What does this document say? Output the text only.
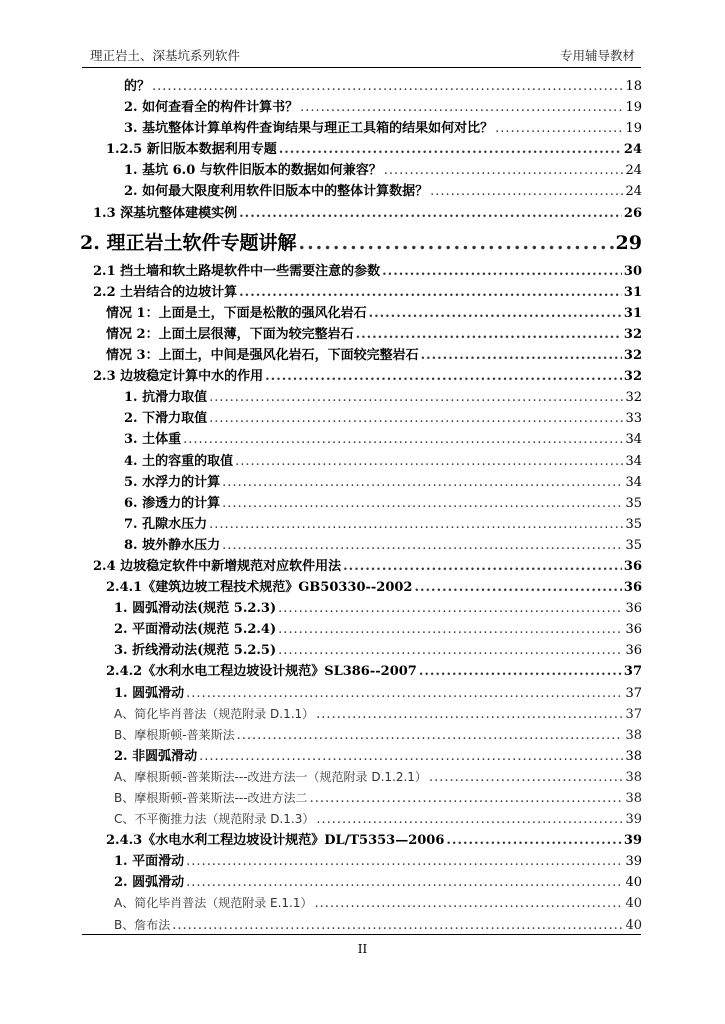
理正岩土、深基坑系列软件	专用辅导教材
的？ .....	18
2. 如何查看全的构件计算书？ .....	19
3. 基坑整体计算单构件查询结果与理正工具箱的结果如何对比？ .....	19
1.2.5 新旧版本数据利用专题 .....	24
1. 基坑 6.0 与软件旧版本的数据如何兼容？ .....	24
2. 如何最大限度利用软件旧版本中的整体计算数据？ .....	24
1.3 深基坑整体建模实例 .....	26
2. 理正岩土软件专题讲解 .....	29
2.1 挡土墙和软土路堤软件中一些需要注意的参数 .....	30
2.2 土岩结合的边坡计算 .....	31
情况 1：上面是土，下面是松散的强风化岩石 .....	31
情况 2：上面土层很薄，下面为较完整岩石 .....	32
情况 3：上面土，中间是强风化岩石，下面较完整岩石 .....	32
2.3 边坡稳定计算中水的作用 .....	32
1. 抗滑力取值 .....	32
2. 下滑力取值 .....	33
3. 土体重 .....	34
4. 土的容重的取值 .....	34
5. 水浮力的计算 .....	34
6. 渗透力的计算 .....	35
7. 孔隙水压力 .....	35
8. 坡外静水压力 .....	35
2.4 边坡稳定软件中新增规范对应软件用法 .....	36
2.4.1《建筑边坡工程技术规范》GB50330--2002 .....	36
1. 圆弧滑动法(规范 5.2.3) .....	36
2. 平面滑动法(规范 5.2.4) .....	36
3. 折线滑动法(规范 5.2.5) .....	36
2.4.2《水利水电工程边坡设计规范》SL386--2007 .....	37
1. 圆弧滑动 .....	37
A、简化毕肖普法（规范附录 D.1.1） .....	37
B、摩根斯顿-普莱斯法 .....	38
2. 非圆弧滑动 .....	38
A、摩根斯顿-普莱斯法---改进方法一（规范附录 D.1.2.1） .....	38
B、摩根斯顿-普莱斯法---改进方法二 .....	38
C、不平衡推力法（规范附录 D.1.3） .....	39
2.4.3《水电水利工程边坡设计规范》DL/T5353—2006 .....	39
1. 平面滑动 .....	39
2. 圆弧滑动 .....	40
A、简化毕肖普法（规范附录 E.1.1） .....	40
B、詹布法 .....	40
II
